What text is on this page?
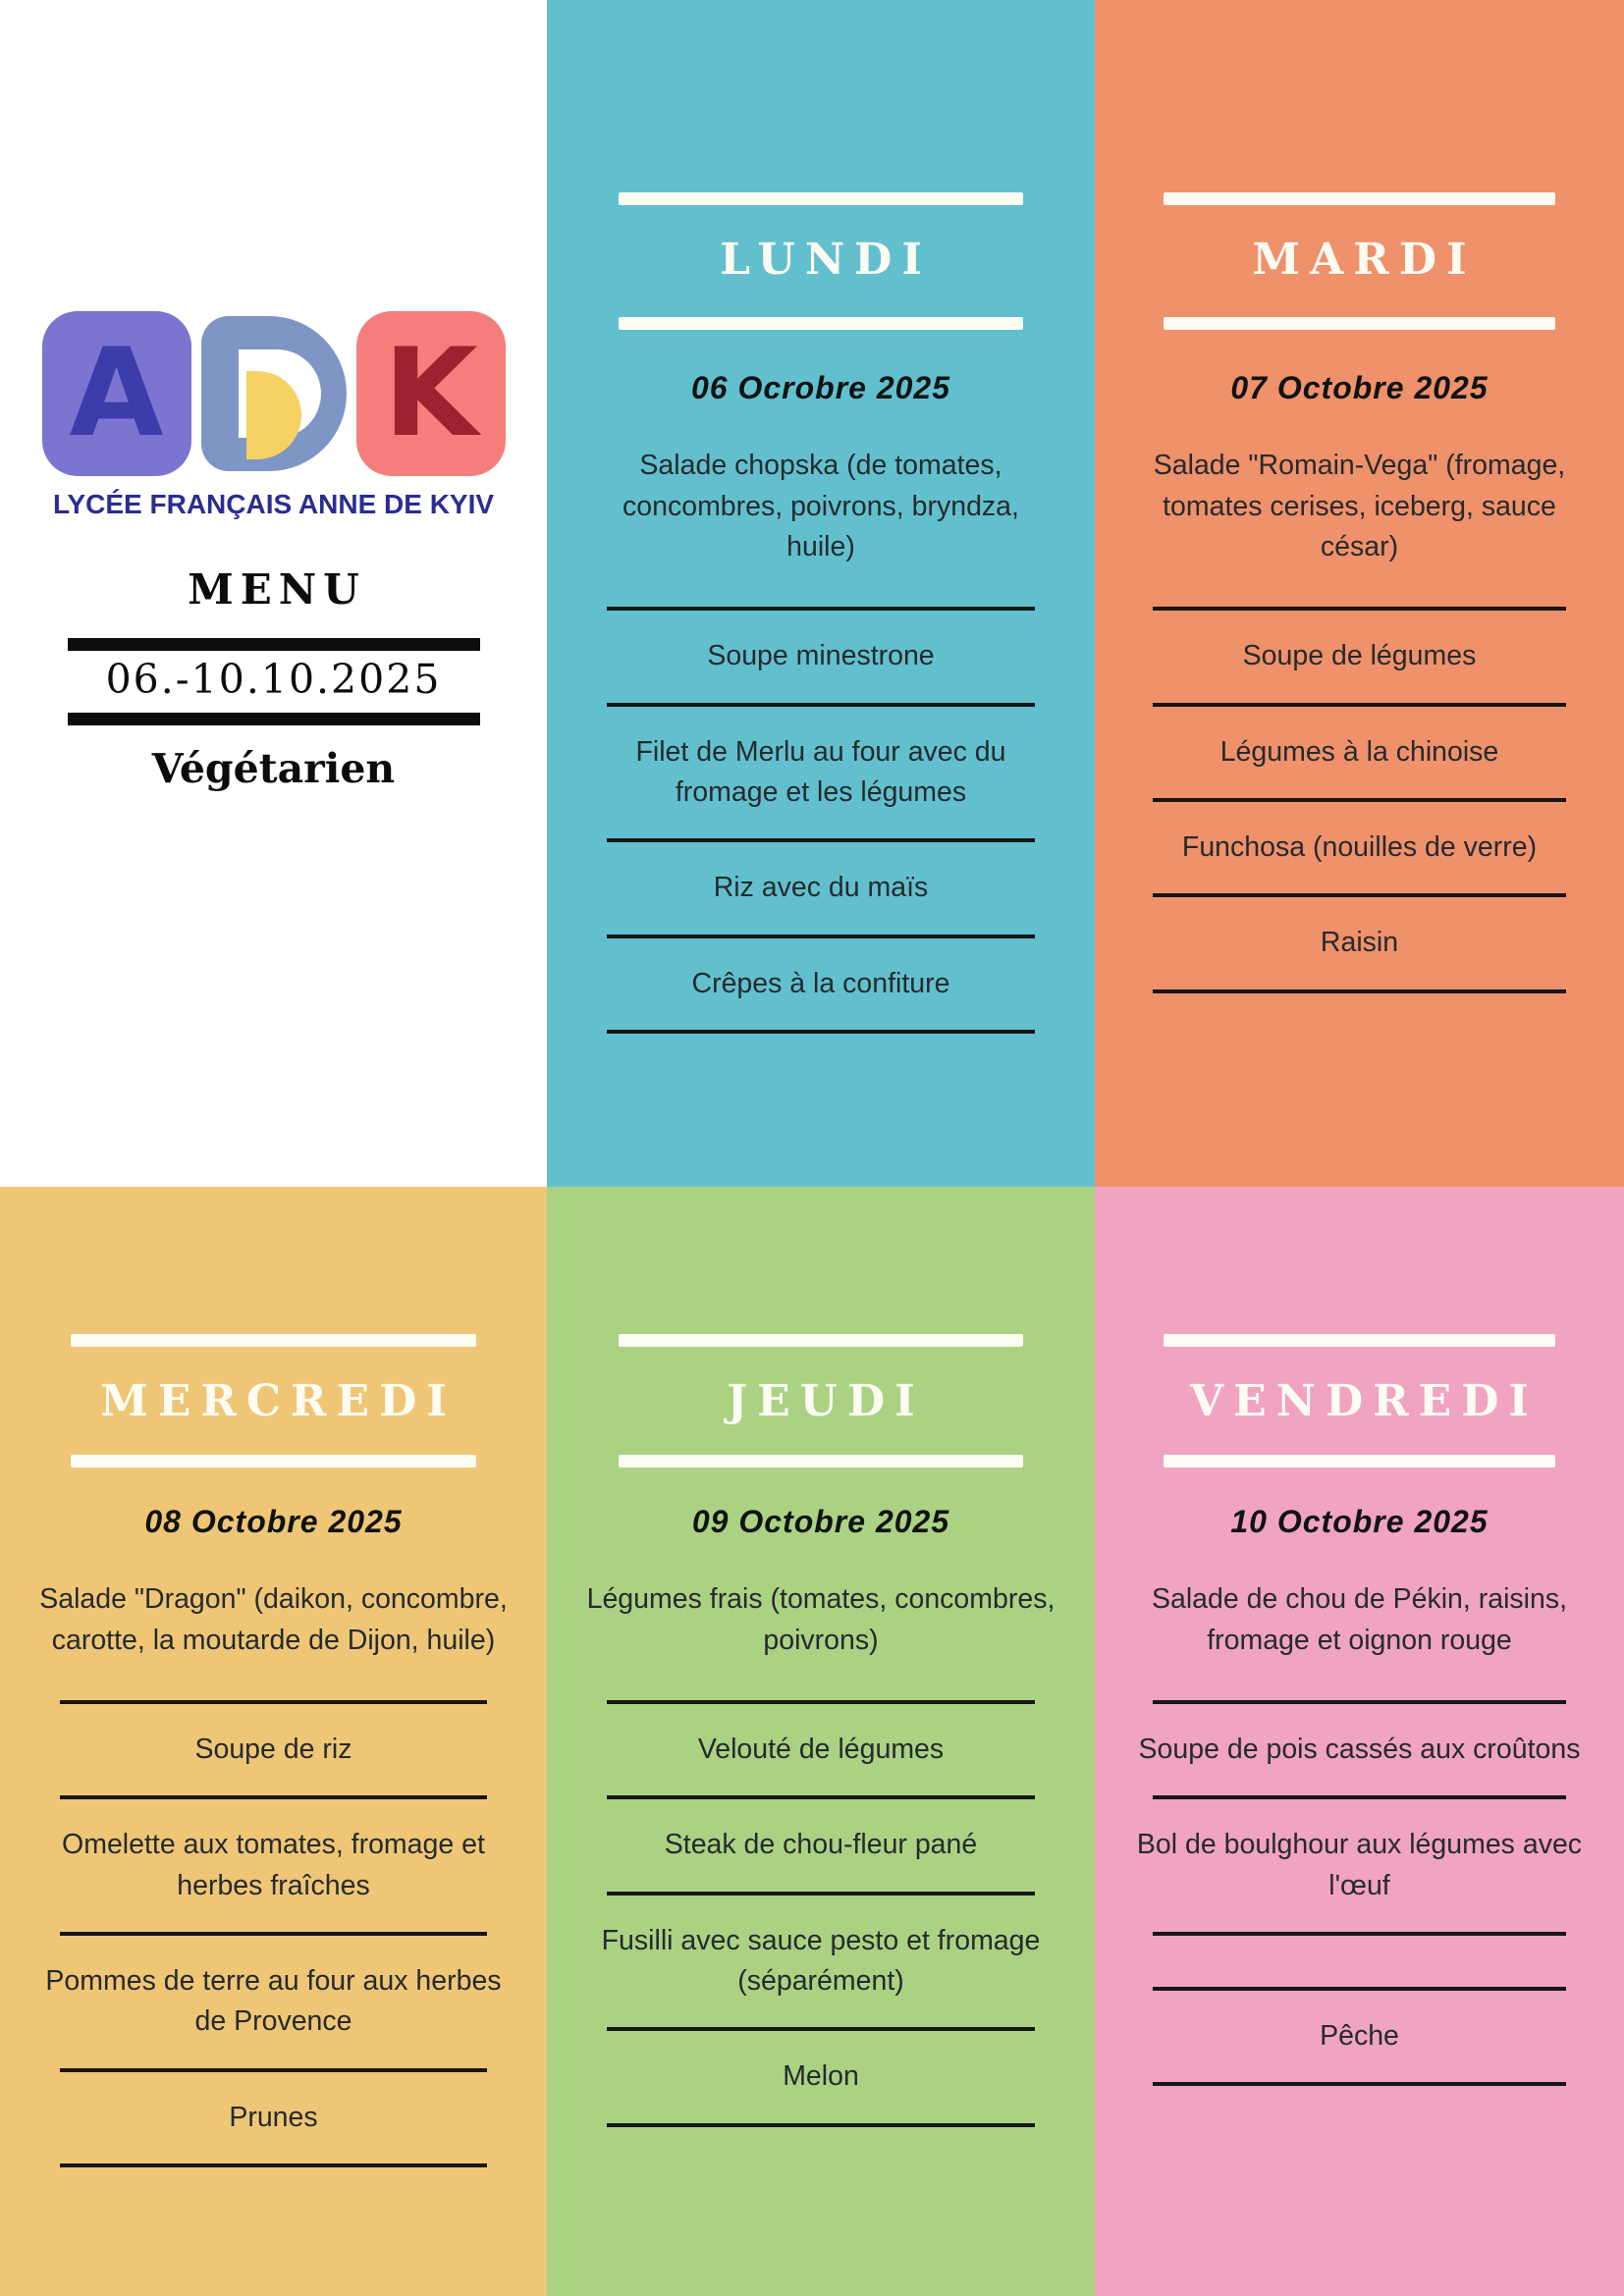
A K
LYCÉE FRANÇAIS ANNE DE KYIV
MENU
06.-10.10.2025
Végétarien
LUNDI
06 Ocrobre 2025
Salade chopska (de tomates, concombres, poivrons, bryndza, huile)
Soupe minestrone
Filet de Merlu au four avec du fromage et les légumes
Riz avec du maïs
Crêpes à la confiture
MARDI
07 Octobre 2025
Salade "Romain-Vega" (fromage, tomates cerises, iceberg, sauce césar)
Soupe de légumes
Légumes à la chinoise
Funchosa (nouilles de verre)
Raisin
MERCREDI
08 Octobre 2025
Salade "Dragon" (daikon, concombre, carotte, la moutarde de Dijon, huile)
Soupe de riz
Omelette aux tomates, fromage et herbes fraîches
Pommes de terre au four aux herbes de Provence
Prunes
JEUDI
09 Octobre 2025
Légumes frais (tomates, concombres, poivrons)
Velouté de légumes
Steak de chou-fleur pané
Fusilli avec sauce pesto et fromage (séparément)
Melon
VENDREDI
10 Octobre 2025
Salade de chou de Pékin, raisins, fromage et oignon rouge
Soupe de pois cassés aux croûtons
Bol de boulghour aux légumes avec l'œuf
Pêche
